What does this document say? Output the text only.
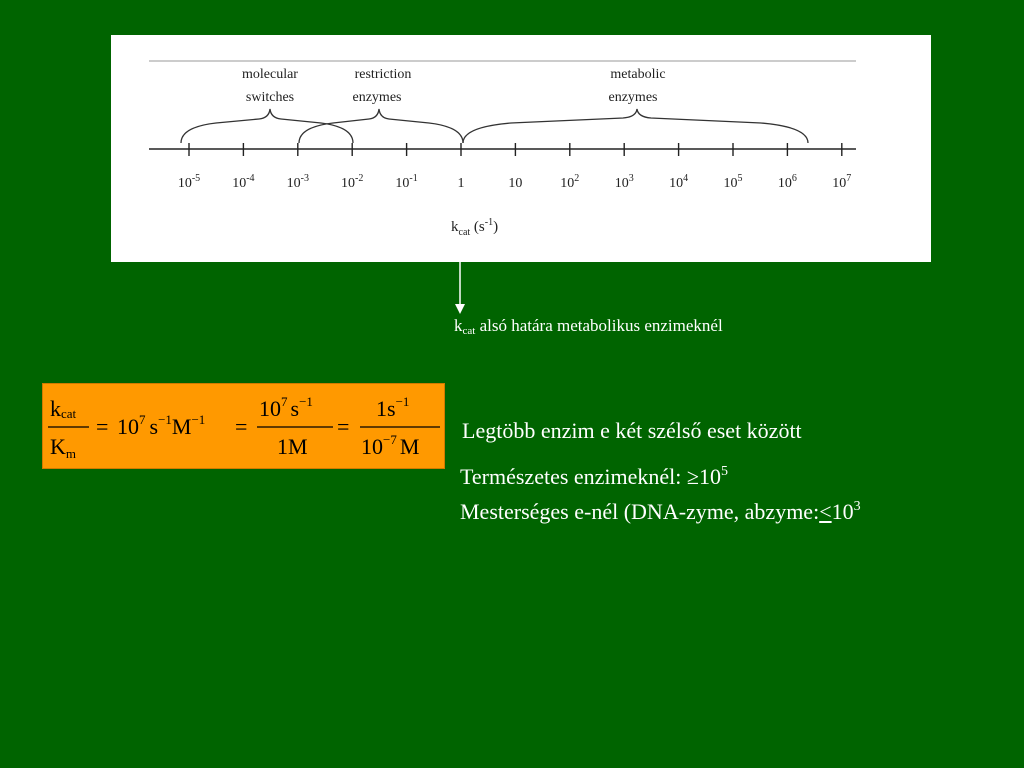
molecular
switches
restriction
enzymes
metabolic
enzymes
$10^{-5}$ $10^{-4}$ $10^{-3}$ $10^{-2}$ $10^{-1}$	1	10	$10^2$	$10^3$	$10^4$	$10^5$	$10^6$	$10^7$
$k_{cat}$ $(s^{-1})$
$k_{cat}$ alsó határa metabolikus enzimeknél
kcat
Km
= $10^7$ $s^{-1}M^{-1}$ =
$10^7$ $s^{-1}$
1M
=
$1s^{-1}$
$10^{-7}$ M
Legtöbb enzim e két szélső eset között
Természetes enzimeknél: $\ge 10^5$
Mesterséges e-nél (DNA-zyme, $abzyme:<10^3$
